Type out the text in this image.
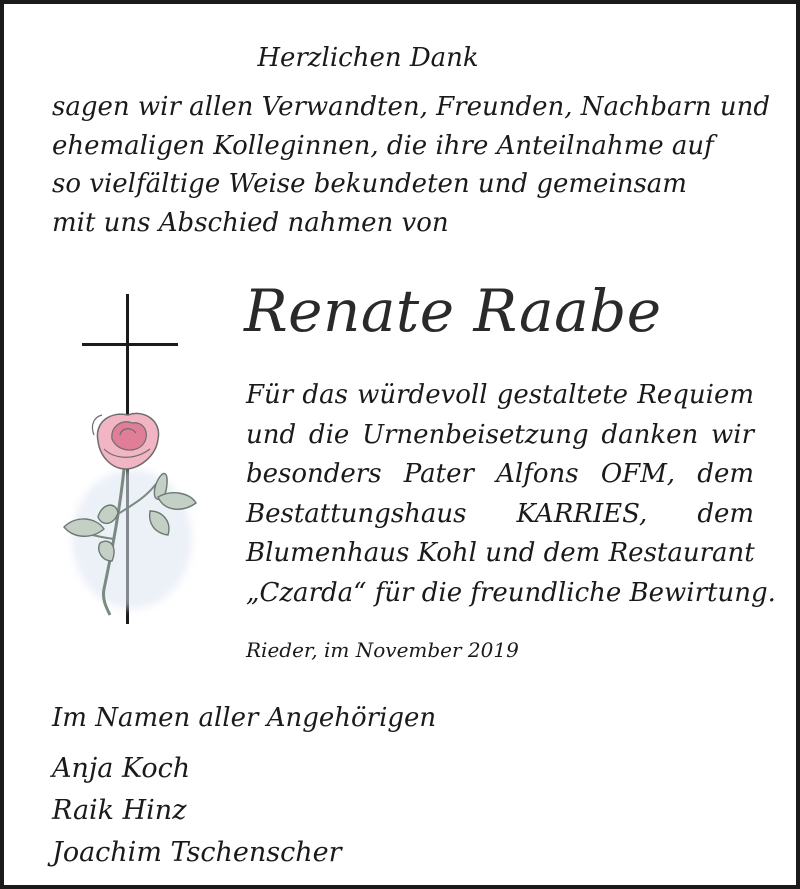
Herzlichen Dank
sagen wir allen Verwandten, Freunden, Nachbarn und
ehemaligen Kolleginnen, die ihre Anteilnahme auf
so vielfältige Weise bekundeten und gemeinsam
mit uns Abschied nahmen von
Renate Raabe
Für das würdevoll gestaltete Requiem
und die Urnenbeisetzung danken wir
besonders Pater Alfons OFM, dem
Bestattungshaus KARRIES, dem
Blumenhaus Kohl und dem Restaurant
„Czarda“ für die freundliche Bewirtung.
Rieder, im November 2019
Im Namen aller Angehörigen
Anja Koch
Raik Hinz
Joachim Tschenscher
